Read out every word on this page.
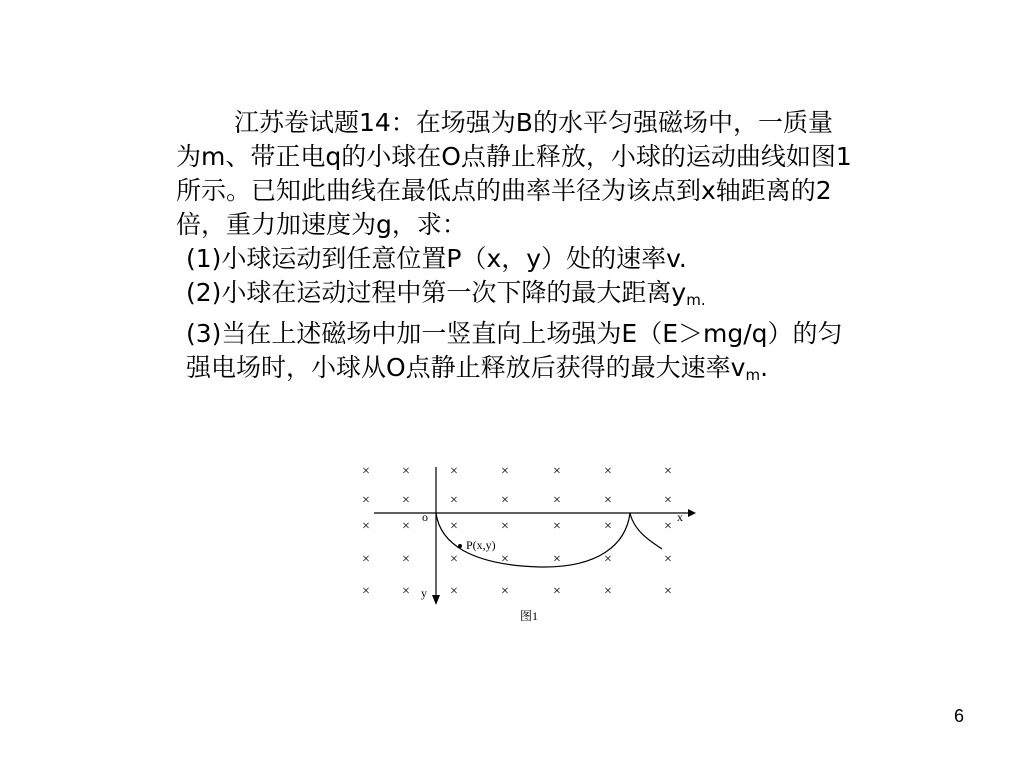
江苏卷试题14：在场强为B的水平匀强磁场中，一质量为m、带正电q的小球在O点静止释放，小球的运动曲线如图1所示。已知此曲线在最低点的曲率半径为该点到x轴距离的2倍，重力加速度为g，求：

(1)小球运动到任意位置P（x，y）处的速率v.

(2)小球在运动过程中第一次下降的最大距离$y_{m.}$

(3)当在上述磁场中加一竖直向上场强为E（E＞mg/q）的匀强电场时，小球从O点静止释放后获得的最大速率$v_m$.

× ×	×	×	×	×	×
× ×	×	×	×	×	×
× ×	×	×	×	×	×
× ×	×	×	×	×	×
× ×	×	×	×	×	×
P(x,y)
o	x
y
图1
6
